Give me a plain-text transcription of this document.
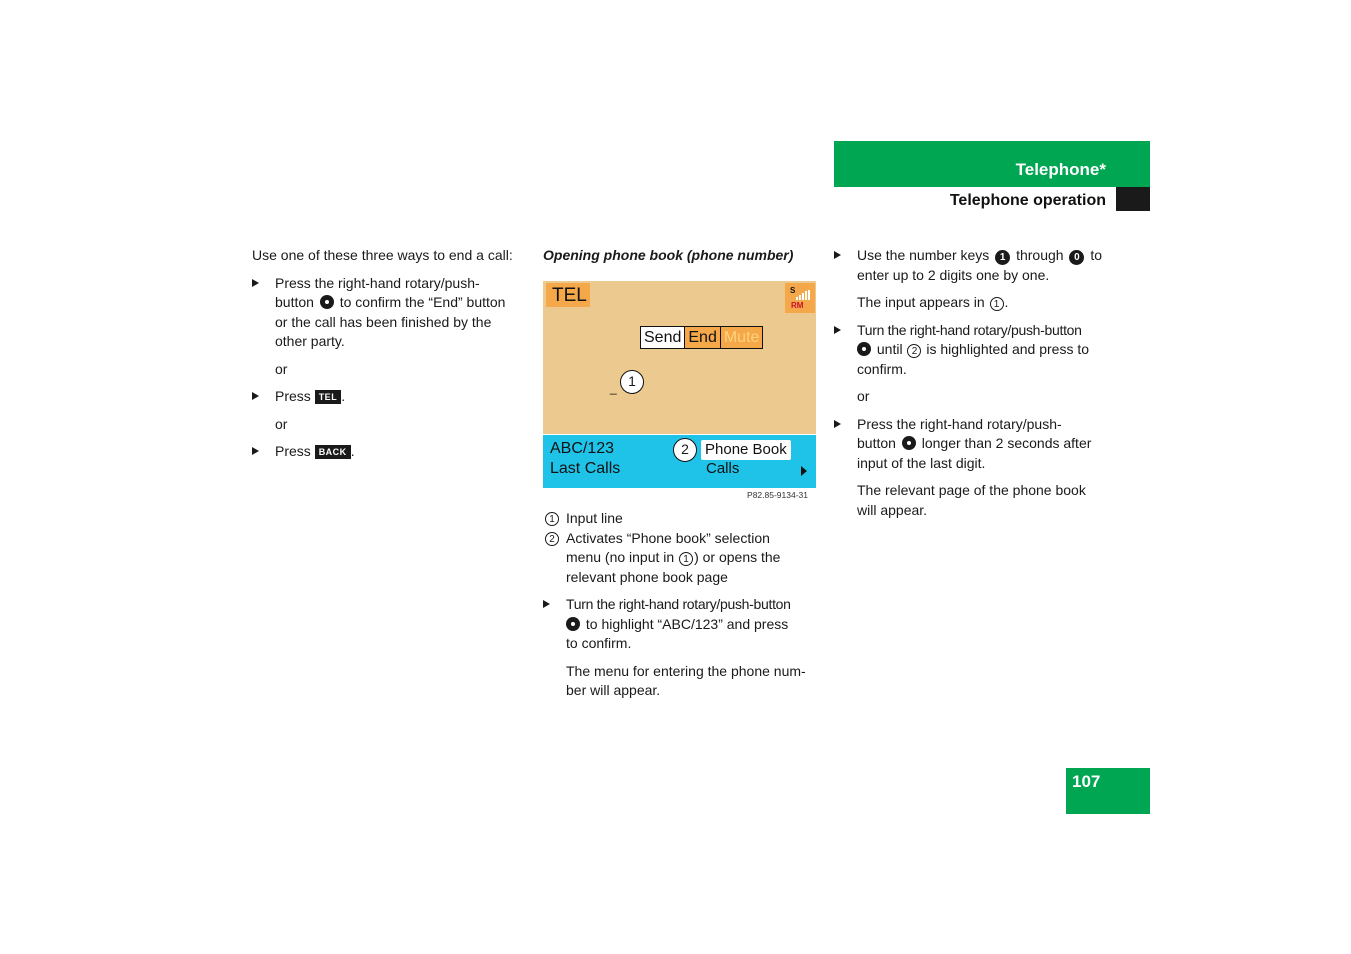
Telephone*
Telephone operation
Use one of these three ways to end a call:
Press the right-hand rotary/push-
button to confirm the “End” button
or the call has been finished by the
other party.
or
Press TEL .
or
Press BACK .
Opening phone book (phone number)
TEL	S
RM
Send End Mute
_ 1
ABC/123
Last Calls
2	Phone Book
Calls
P82.85-9134-31
1 Input line
2 Activates “Phone book” selection
menu (no input in 1 ) or opens the
relevant phone book page
Turn the right-hand rotary/push-button
to highlight “ABC/123” and press
to confirm.
The menu for entering the phone num-
ber will appear.
Use the number keys 1 through 0 to
enter up to 2 digits one by one.
The input appears in 1 .
Turn the right-hand rotary/push-button
until 2 is highlighted and press to
confirm.
or
Press the right-hand rotary/push-
button longer than 2 seconds after
input of the last digit.
The relevant page of the phone book
will appear.
107
